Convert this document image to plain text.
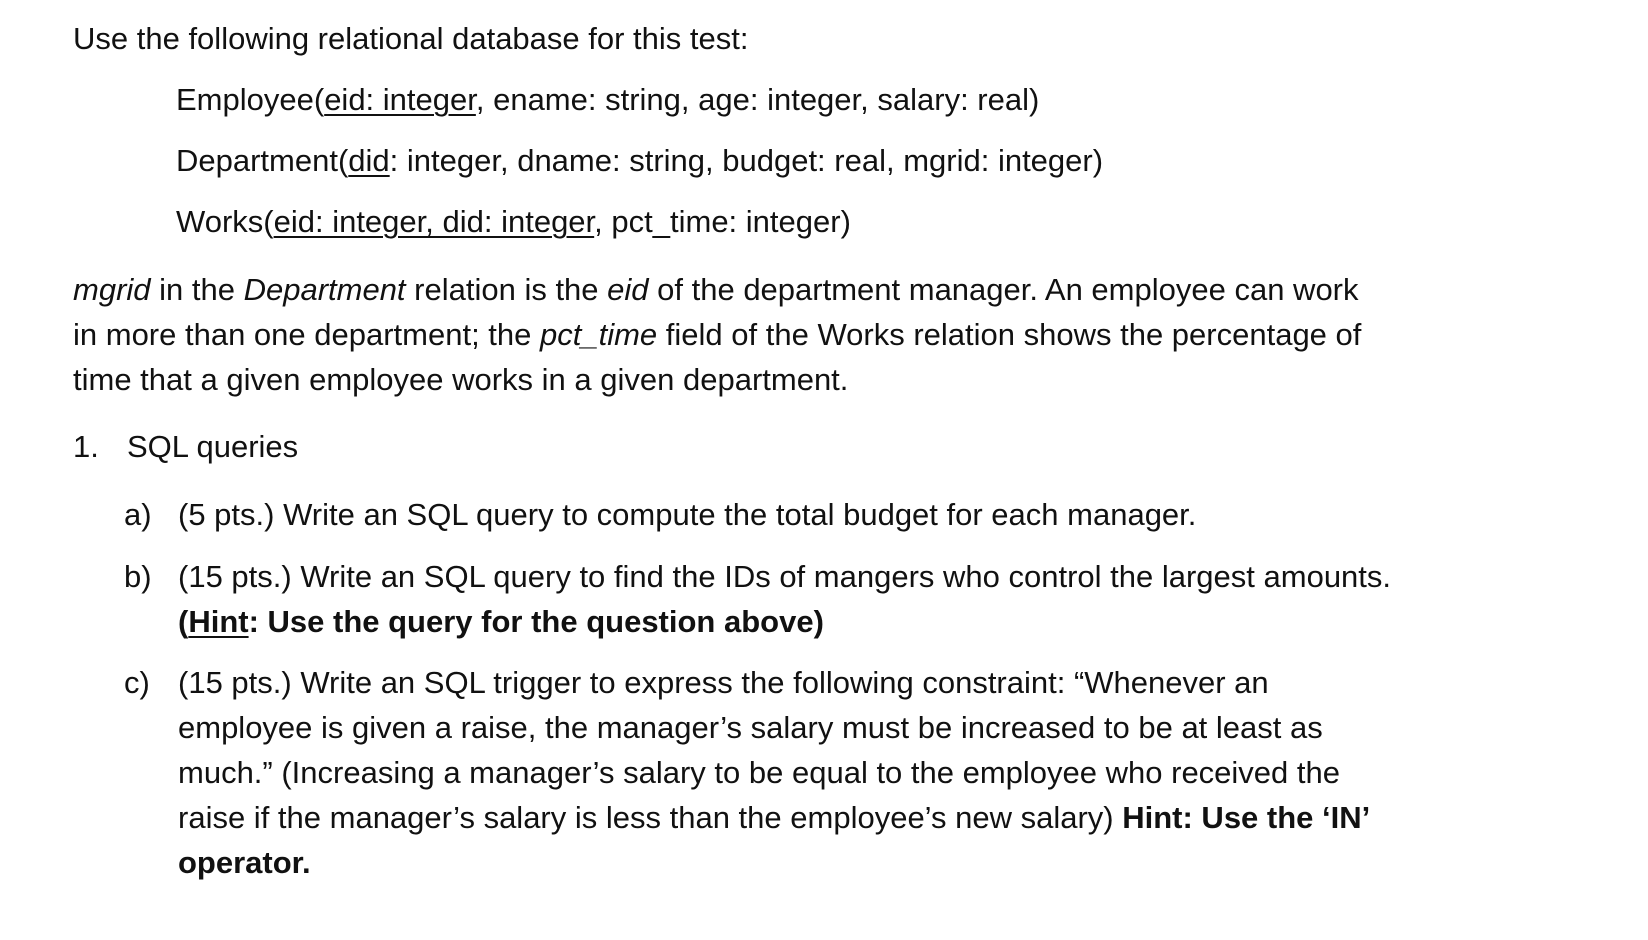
Use the following relational database for this test:
Employee(eid: integer, ename: string, age: integer, salary: real)
Department(did: integer, dname: string, budget: real, mgrid: integer)
Works(eid: integer, did: integer, pct_time: integer)
mgrid in the Department relation is the eid of the department manager. An employee can work
in more than one department; the pct_time field of the Works relation shows the percentage of
time that a given employee works in a given department.
1. SQL queries
a) (5 pts.) Write an SQL query to compute the total budget for each manager.
b) (15 pts.) Write an SQL query to find the IDs of mangers who control the largest amounts.
(Hint: Use the query for the question above)
c) (15 pts.) Write an SQL trigger to express the following constraint: “Whenever an
employee is given a raise, the manager’s salary must be increased to be at least as
much.” (Increasing a manager’s salary to be equal to the employee who received the
raise if the manager’s salary is less than the employee’s new salary) Hint: Use the ‘IN’
operator.
